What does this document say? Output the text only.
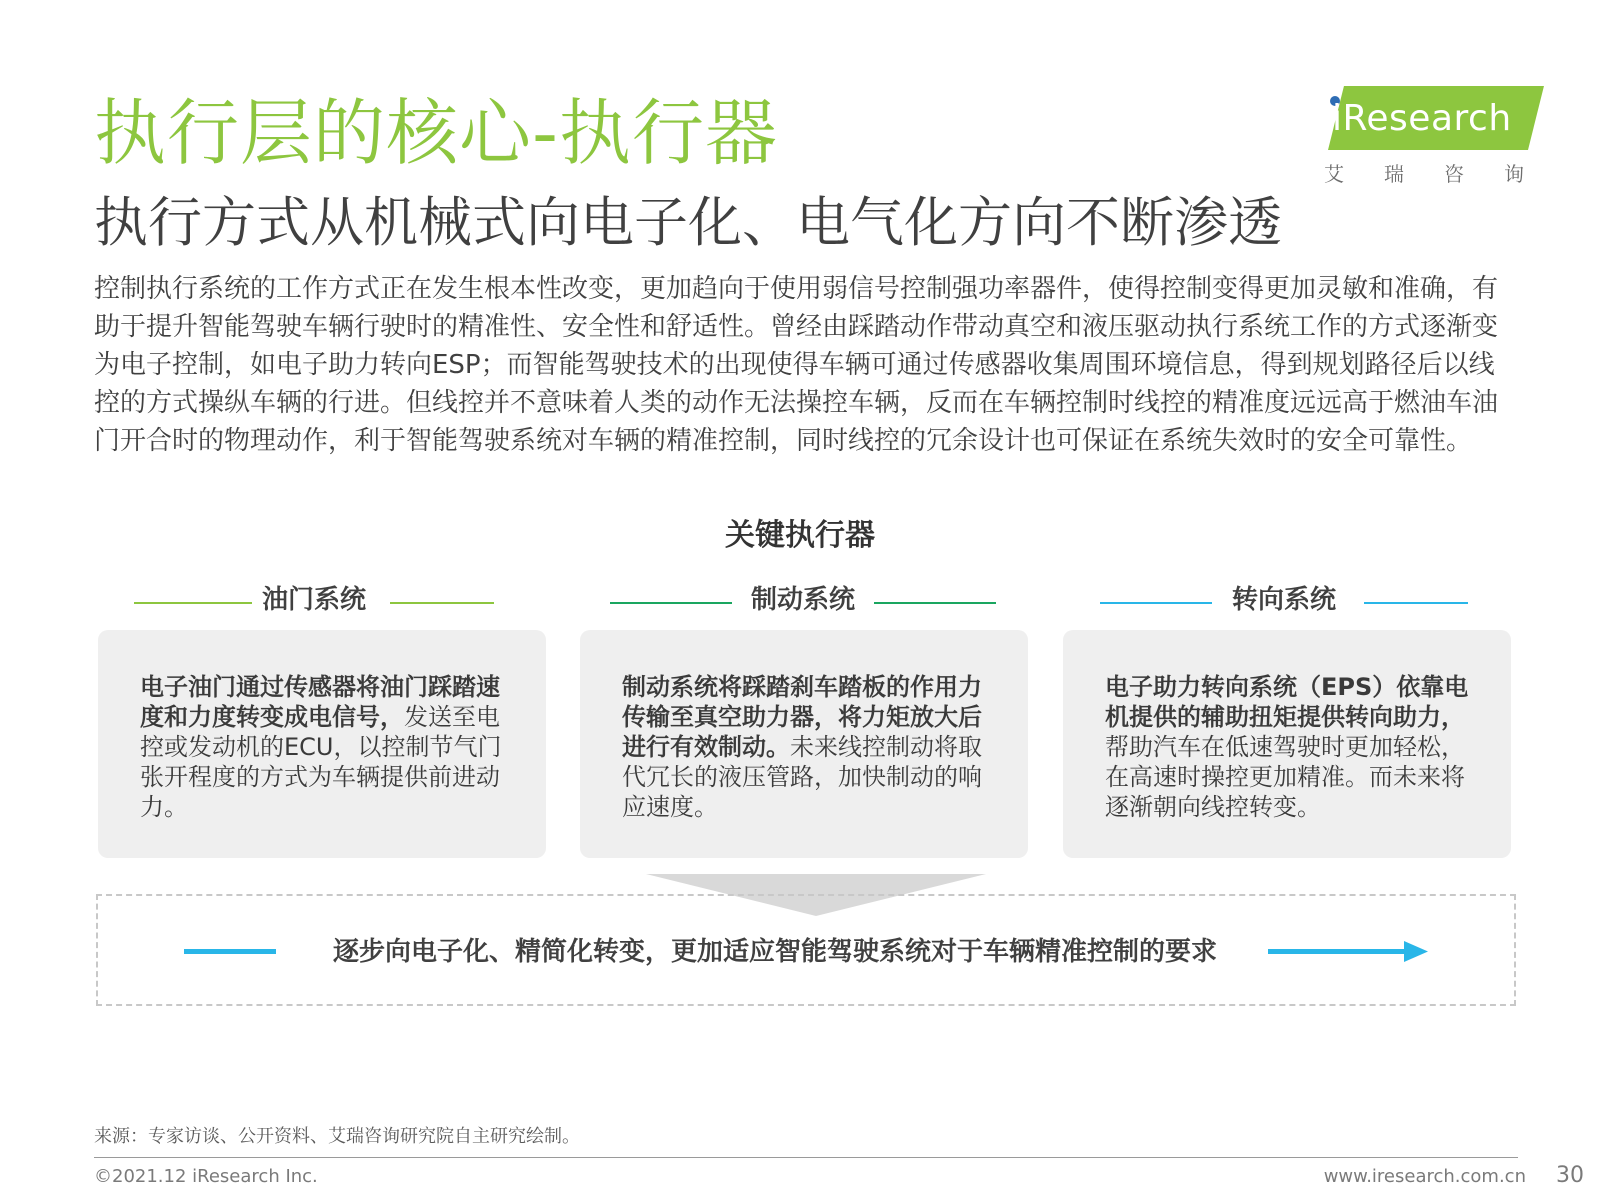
执行层的核心-执行器
执行方式从机械式向电子化、电气化方向不断渗透
iResearch
艾瑞咨询

控制执行系统的工作方式正在发生根本性改变，更加趋向于使用弱信号控制强功率器件，使得控制变得更加灵敏和准确，有助于提升智能驾驶车辆行驶时的精准性、安全性和舒适性。曾经由踩踏动作带动真空和液压驱动执行系统工作的方式逐渐变为电子控制，如电子助力转向ESP；而智能驾驶技术的出现使得车辆可通过传感器收集周围环境信息，得到规划路径后以线控的方式操纵车辆的行进。但线控并不意味着人类的动作无法操控车辆，反而在车辆控制时线控的精准度远远高于燃油车油门开合时的物理动作，利于智能驾驶系统对车辆的精准控制，同时线控的冗余设计也可保证在系统失效时的安全可靠性。

关键执行器
油门系统
电子油门通过传感器将油门踩踏速度和力度转变成电信号，发送至电控或发动机的ECU，以控制节气门张开程度的方式为车辆提供前进动力。
制动系统
制动系统将踩踏刹车踏板的作用力传输至真空助力器，将力矩放大后进行有效制动。未来线控制动将取代冗长的液压管路，加快制动的响应速度。
转向系统
电子助力转向系统（EPS）依靠电机提供的辅助扭矩提供转向助力，帮助汽车在低速驾驶时更加轻松，在高速时操控更加精准。而未来将逐渐朝向线控转变。
逐步向电子化、精简化转变，更加适应智能驾驶系统对于车辆精准控制的要求
来源：专家访谈、公开资料、艾瑞咨询研究院自主研究绘制。
©2021.12 iResearch Inc.	www.iresearch.com.cn 30
